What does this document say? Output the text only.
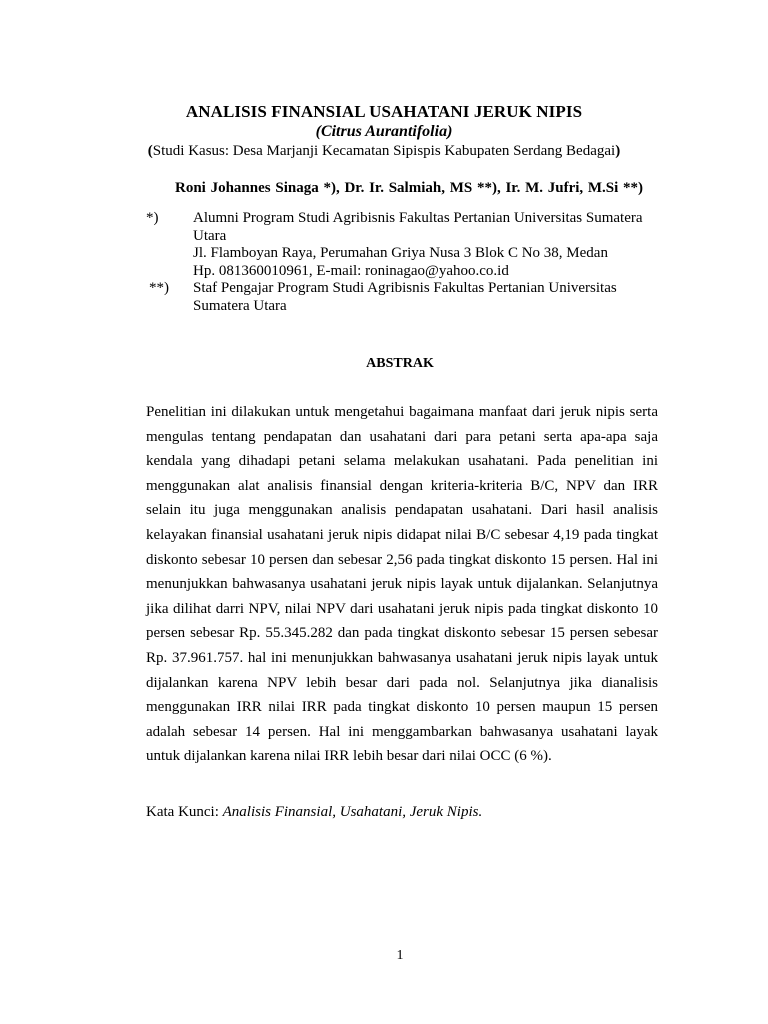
ANALISIS FINANSIAL USAHATANI JERUK NIPIS
(Citrus Aurantifolia)
(Studi Kasus: Desa Marjanji Kecamatan Sipispis Kabupaten Serdang Bedagai)
Roni Johannes Sinaga *), Dr. Ir. Salmiah, MS **), Ir. M. Jufri, M.Si **)
*) Alumni Program Studi Agribisnis Fakultas Pertanian Universitas Sumatera
Utara
Jl. Flamboyan Raya, Perumahan Griya Nusa 3 Blok C No 38, Medan
Hp. 081360010961, E-mail: roninagao@yahoo.co.id
**) Staf Pengajar Program Studi Agribisnis Fakultas Pertanian Universitas
Sumatera Utara
ABSTRAK

Penelitian ini dilakukan untuk mengetahui bagaimana manfaat dari jeruk nipis serta mengulas tentang pendapatan dan usahatani dari para petani serta apa-apa saja kendala yang dihadapi petani selama melakukan usahatani. Pada penelitian ini menggunakan alat analisis finansial dengan kriteria-kriteria B/C, NPV dan IRR selain itu juga menggunakan analisis pendapatan usahatani. Dari hasil analisis kelayakan finansial usahatani jeruk nipis didapat nilai B/C sebesar 4,19 pada tingkat diskonto sebesar 10 persen dan sebesar 2,56 pada tingkat diskonto 15 persen. Hal ini menunjukkan bahwasanya usahatani jeruk nipis layak untuk dijalankan. Selanjutnya jika dilihat darri NPV, nilai NPV dari usahatani jeruk nipis pada tingkat diskonto 10 persen sebesar Rp. 55.345.282 dan pada tingkat diskonto sebesar 15 persen sebesar Rp. 37.961.757. hal ini menunjukkan bahwasanya usahatani jeruk nipis layak untuk dijalankan karena NPV lebih besar dari pada nol. Selanjutnya jika dianalisis menggunakan IRR nilai IRR pada tingkat diskonto 10 persen maupun 15 persen adalah sebesar 14 persen. Hal ini menggambarkan bahwasanya usahatani layak untuk dijalankan karena nilai IRR lebih besar dari nilai OCC (6 %).

Kata Kunci: Analisis Finansial, Usahatani, Jeruk Nipis.
1
